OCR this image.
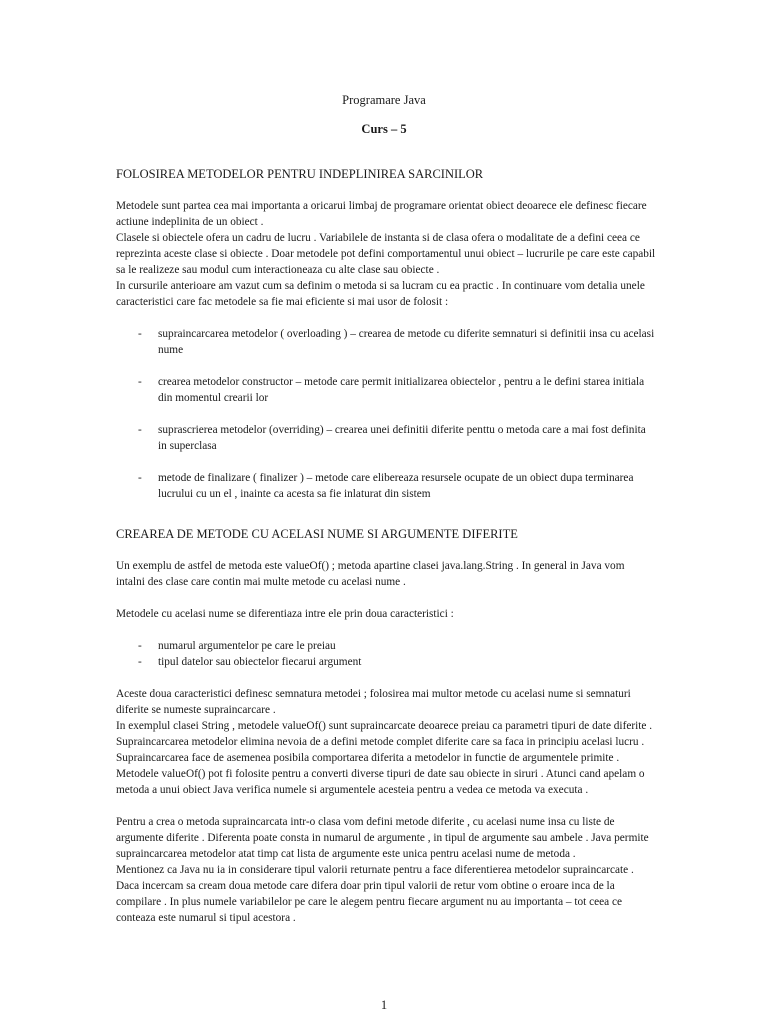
Programare Java
Curs – 5
FOLOSIREA METODELOR PENTRU INDEPLINIREA SARCINILOR

Metodele sunt partea cea mai importanta a oricarui limbaj de programare orientat obiect deoarece ele definesc fiecare actiune indeplinita de un obiect .

Clasele si obiectele ofera un cadru de lucru . Variabilele de instanta si de clasa ofera o modalitate de a defini ceea ce reprezinta aceste clase si obiecte . Doar metodele pot defini comportamentul unui obiect – lucrurile pe care este capabil sa le realizeze sau modul cum interactioneaza cu alte clase sau obiecte .

In cursurile anterioare am vazut cum sa definim o metoda si sa lucram cu ea practic . In continuare vom detalia unele caracteristici care fac metodele sa fie mai eficiente si mai usor de folosit :

- supraincarcarea metodelor ( overloading ) – crearea de metode cu diferite semnaturi si definitii insa cu acelasi nume
- crearea metodelor constructor – metode care permit initializarea obiectelor , pentru a le defini starea initiala din momentul crearii lor
- suprascrierea metodelor (overriding) – crearea unei definitii diferite penttu o metoda care a mai fost definita in superclasa
- metode de finalizare ( finalizer ) – metode care elibereaza resursele ocupate de un obiect dupa terminarea lucrului cu un el , inainte ca acesta sa fie inlaturat din sistem
CREAREA DE METODE CU ACELASI NUME SI ARGUMENTE DIFERITE

Un exemplu de astfel de metoda este valueOf() ; metoda apartine clasei java.lang.String . In general in Java vom intalni des clase care contin mai multe metode cu acelasi nume .

Metodele cu acelasi nume se diferentiaza intre ele prin doua caracteristici :

- numarul argumentelor pe care le preiau
- tipul datelor sau obiectelor fiecarui argument

Aceste doua caracteristici definesc semnatura metodei ; folosirea mai multor metode cu acelasi nume si semnaturi diferite se numeste supraincarcare .

In exemplul clasei String , metodele valueOf() sunt supraincarcate deoarece preiau ca parametri tipuri de date diferite .

Supraincarcarea metodelor elimina nevoia de a defini metode complet diferite care sa faca in principiu acelasi lucru . Supraincarcarea face de asemenea posibila comportarea diferita a metodelor in functie de argumentele primite .

Metodele valueOf() pot fi folosite pentru a converti diverse tipuri de date sau obiecte in siruri . Atunci cand apelam o metoda a unui obiect Java verifica numele si argumentele acesteia pentru a vedea ce metoda va executa .

Pentru a crea o metoda supraincarcata intr-o clasa vom defini metode diferite , cu acelasi nume insa cu liste de argumente diferite . Diferenta poate consta in numarul de argumente , in tipul de argumente sau ambele . Java permite supraincarcarea metodelor atat timp cat lista de argumente este unica pentru acelasi nume de metoda .

Mentionez ca Java nu ia in considerare tipul valorii returnate pentru a face diferentierea metodelor supraincarcate . Daca incercam sa cream doua metode care difera doar prin tipul valorii de retur vom obtine o eroare inca de la compilare . In plus numele variabilelor pe care le alegem pentru fiecare argument nu au importanta – tot ceea ce conteaza este numarul si tipul acestora .

1
